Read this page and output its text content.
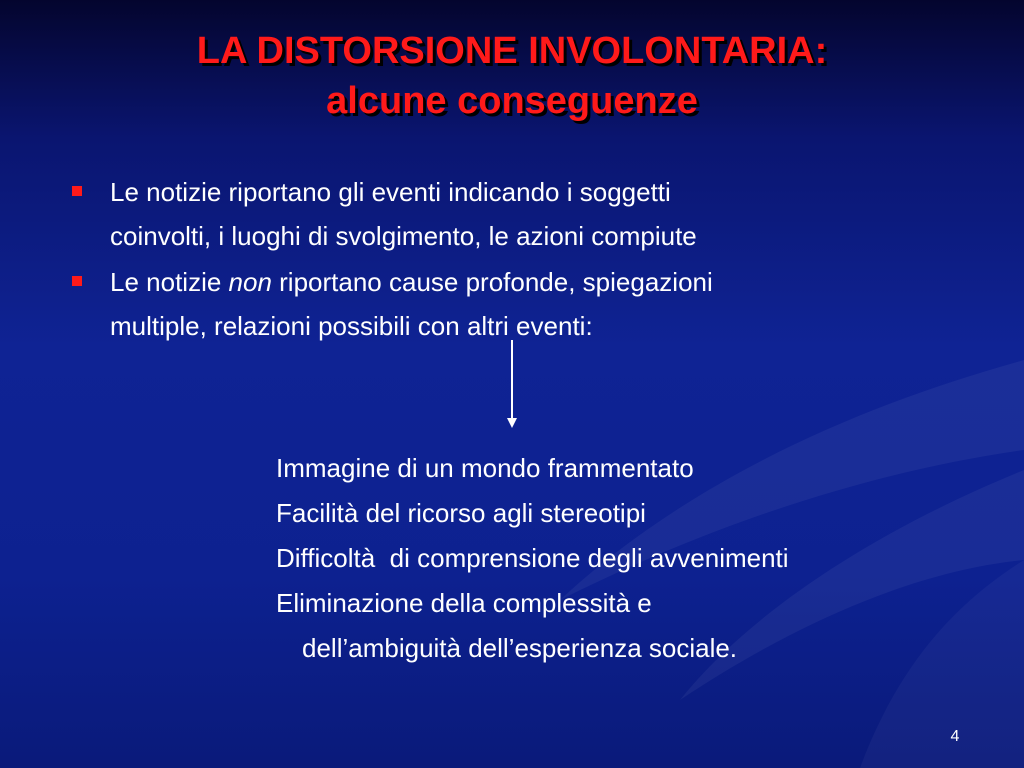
LA DISTORSIONE INVOLONTARIA:
alcune conseguenze
Le notizie riportano gli eventi indicando i soggetti
coinvolti, i luoghi di svolgimento, le azioni compiute
Le notizie non riportano cause profonde, spiegazioni
multiple, relazioni possibili con altri eventi:

Immagine di un mondo frammentato

Facilità del ricorso agli stereotipi

Difficoltà  di comprensione degli avvenimenti

Eliminazione della complessità e

dell’ambiguità dell’esperienza sociale.

4
